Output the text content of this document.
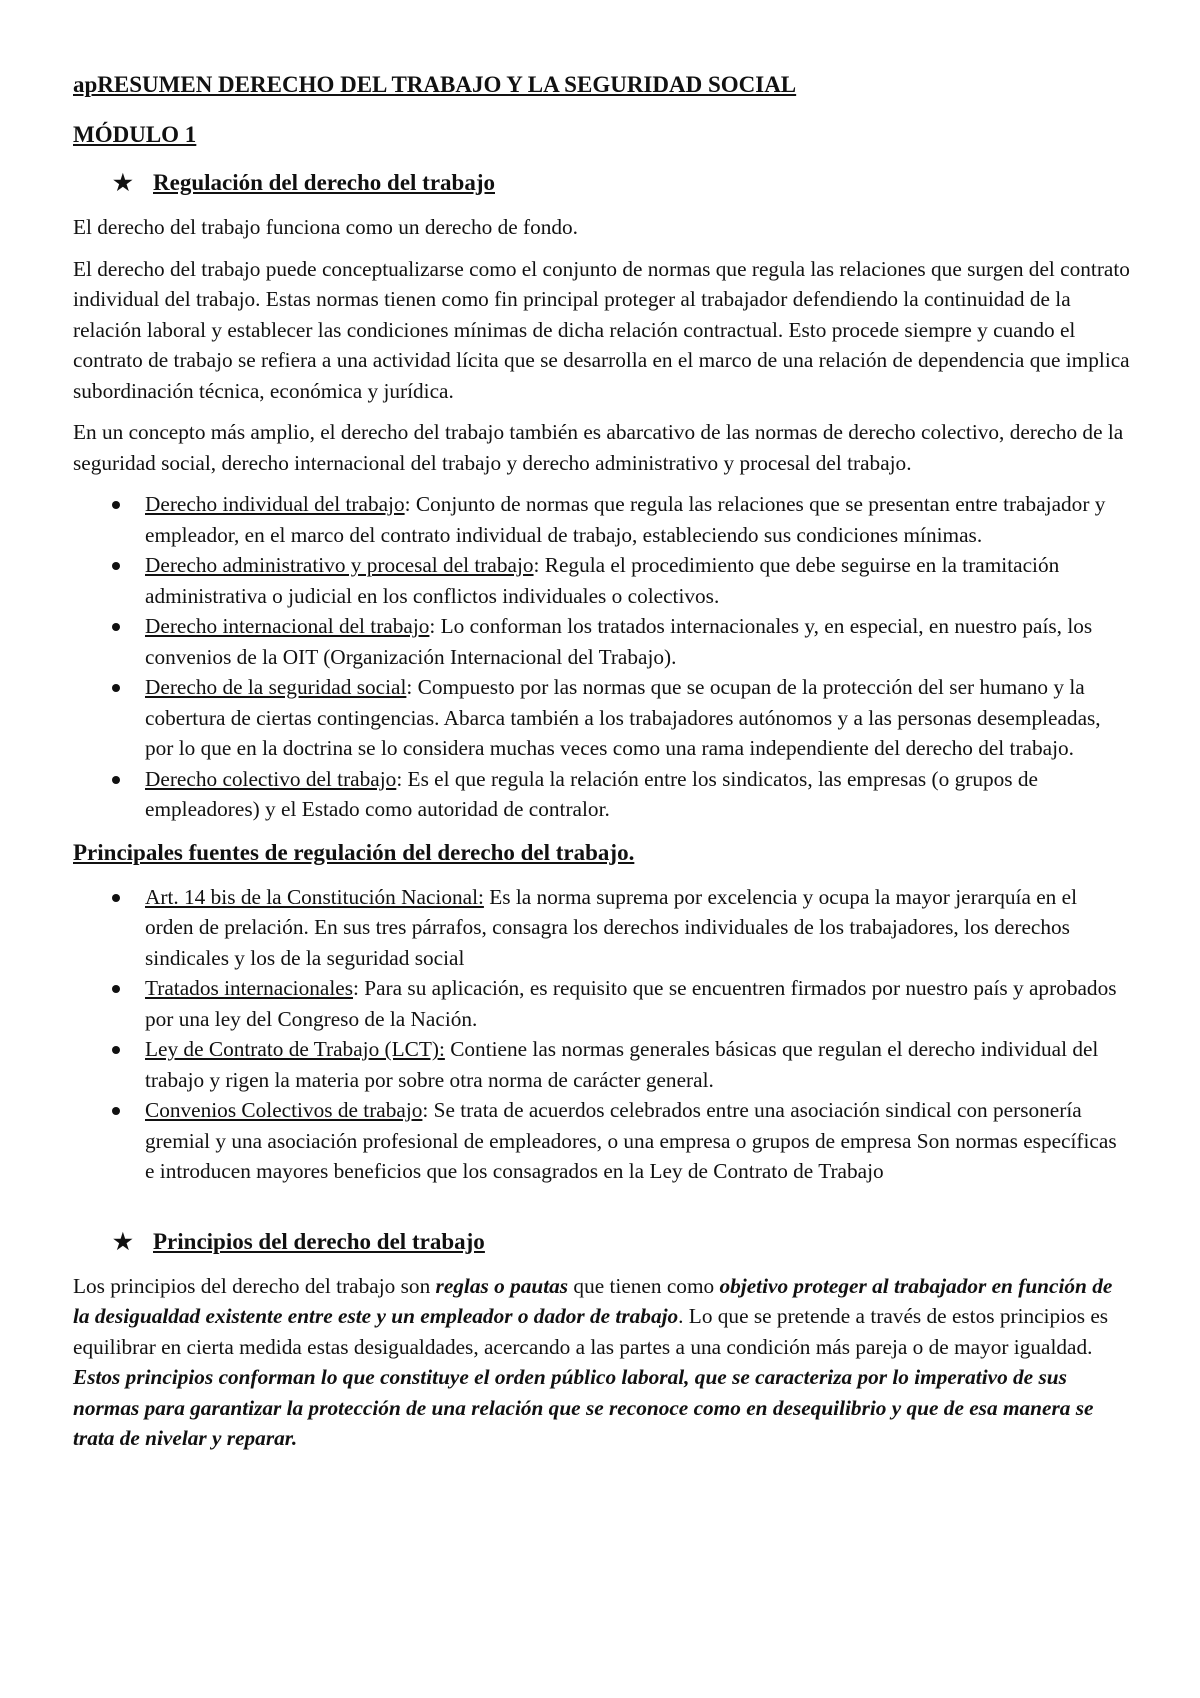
apRESUMEN DERECHO DEL TRABAJO Y LA SEGURIDAD SOCIAL
MÓDULO 1
★ Regulación del derecho del trabajo

El derecho del trabajo funciona como un derecho de fondo.

El derecho del trabajo puede conceptualizarse como el conjunto de normas que regula las relaciones que surgen del contrato individual del trabajo. Estas normas tienen como fin principal proteger al trabajador defendiendo la continuidad de la relación laboral y establecer las condiciones mínimas de dicha relación contractual. Esto procede siempre y cuando el contrato de trabajo se refiera a una actividad lícita que se desarrolla en el marco de una relación de dependencia que implica subordinación técnica, económica y jurídica.

En un concepto más amplio, el derecho del trabajo también es abarcativo de las normas de derecho colectivo, derecho de la seguridad social, derecho internacional del trabajo y derecho administrativo y procesal del trabajo.

Derecho individual del trabajo: Conjunto de normas que regula las relaciones que se presentan entre trabajador y empleador, en el marco del contrato individual de trabajo, estableciendo sus condiciones mínimas.
Derecho administrativo y procesal del trabajo: Regula el procedimiento que debe seguirse en la tramitación administrativa o judicial en los conflictos individuales o colectivos.
Derecho internacional del trabajo: Lo conforman los tratados internacionales y, en especial, en nuestro país, los convenios de la OIT (Organización Internacional del Trabajo).
Derecho de la seguridad social: Compuesto por las normas que se ocupan de la protección del ser humano y la cobertura de ciertas contingencias. Abarca también a los trabajadores autónomos y a las personas desempleadas, por lo que en la doctrina se lo considera muchas veces como una rama independiente del derecho del trabajo.
Derecho colectivo del trabajo: Es el que regula la relación entre los sindicatos, las empresas (o grupos de empleadores) y el Estado como autoridad de contralor.
Principales fuentes de regulación del derecho del trabajo.
Art. 14 bis de la Constitución Nacional: Es la norma suprema por excelencia y ocupa la mayor jerarquía en el orden de prelación. En sus tres párrafos, consagra los derechos individuales de los trabajadores, los derechos sindicales y los de la seguridad social
Tratados internacionales: Para su aplicación, es requisito que se encuentren firmados por nuestro país y aprobados por una ley del Congreso de la Nación.
Ley de Contrato de Trabajo (LCT): Contiene las normas generales básicas que regulan el derecho individual del trabajo y rigen la materia por sobre otra norma de carácter general.
Convenios Colectivos de trabajo: Se trata de acuerdos celebrados entre una asociación sindical con personería gremial y una asociación profesional de empleadores, o una empresa o grupos de empresa Son normas específicas e introducen mayores beneficios que los consagrados en la Ley de Contrato de Trabajo
★ Principios del derecho del trabajo

Los principios del derecho del trabajo son reglas o pautas que tienen como objetivo proteger al trabajador en función de la desigualdad existente entre este y un empleador o dador de trabajo. Lo que se pretende a través de estos principios es equilibrar en cierta medida estas desigualdades, acercando a las partes a una condición más pareja o de mayor igualdad. Estos principios conforman lo que constituye el orden público laboral, que se caracteriza por lo imperativo de sus normas para garantizar la protección de una relación que se reconoce como en desequilibrio y que de esa manera se trata de nivelar y reparar.
